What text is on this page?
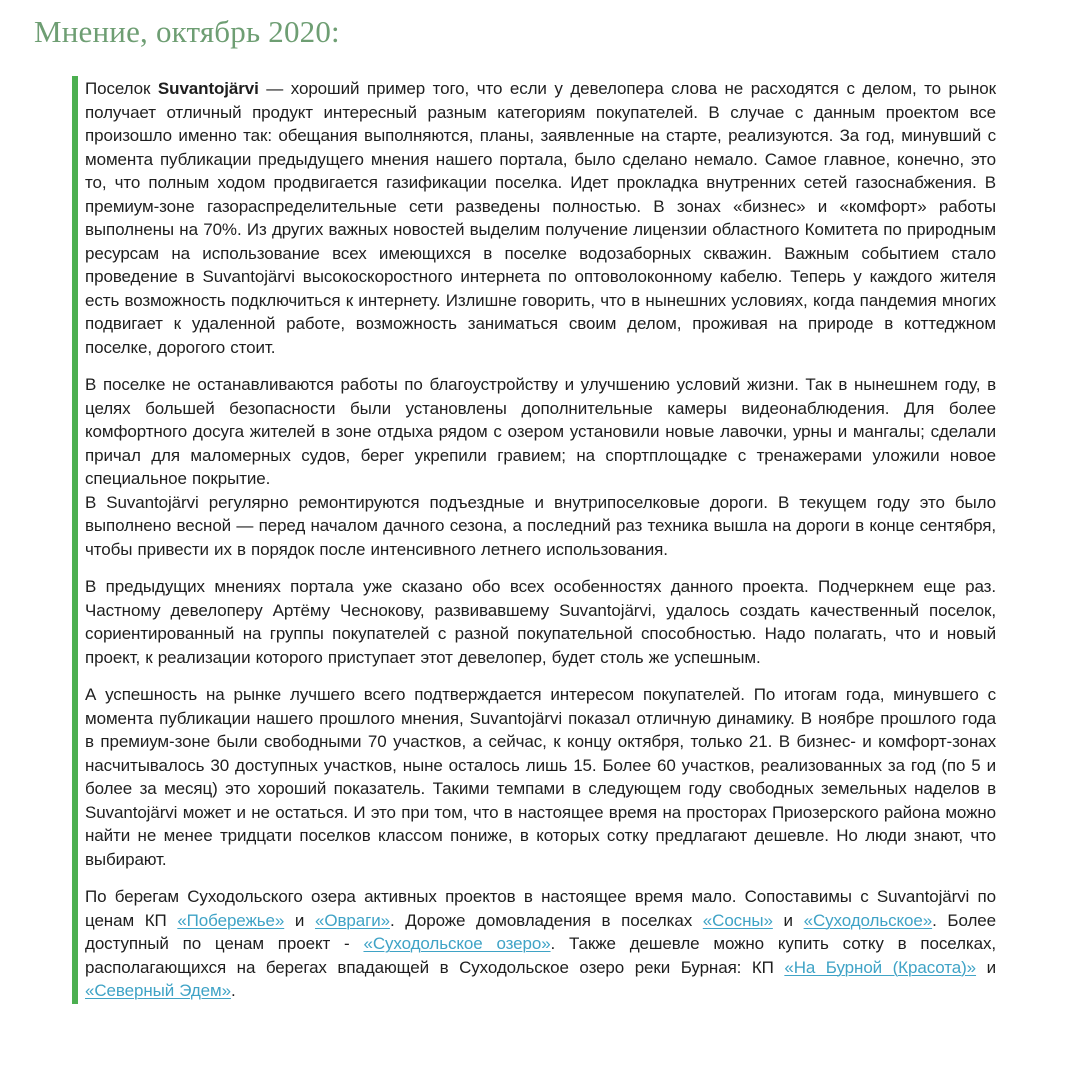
Мнение, октябрь 2020:

Поселок Suvantojärvi — хороший пример того, что если у девелопера слова не расходятся с делом, то рынок получает отличный продукт интересный разным категориям покупателей. В случае с данным проектом все произошло именно так: обещания выполняются, планы, заявленные на старте, реализуются. За год, минувший с момента публикации предыдущего мнения нашего портала, было сделано немало. Самое главное, конечно, это то, что полным ходом продвигается газификации поселка. Идет прокладка внутренних сетей газоснабжения. В премиум-зоне газораспределительные сети разведены полностью. В зонах «бизнес» и «комфорт» работы выполнены на 70%. Из других важных новостей выделим получение лицензии областного Комитета по природным ресурсам на использование всех имеющихся в поселке водозаборных скважин. Важным событием стало проведение в Suvantojärvi высокоскоростного интернета по оптоволоконному кабелю. Теперь у каждого жителя есть возможность подключиться к интернету. Излишне говорить, что в нынешних условиях, когда пандемия многих подвигает к удаленной работе, возможность заниматься своим делом, проживая на природе в коттеджном поселке, дорогого стоит.

В поселке не останавливаются работы по благоустройству и улучшению условий жизни. Так в нынешнем году, в целях большей безопасности были установлены дополнительные камеры видеонаблюдения. Для более комфортного досуга жителей в зоне отдыха рядом с озером установили новые лавочки, урны и мангалы; сделали причал для маломерных судов, берег укрепили гравием; на спортплощадке с тренажерами уложили новое специальное покрытие.
В Suvantojärvi регулярно ремонтируются подъездные и внутрипоселковые дороги. В текущем году это было выполнено весной — перед началом дачного сезона, а последний раз техника вышла на дороги в конце сентября, чтобы привести их в порядок после интенсивного летнего использования.

В предыдущих мнениях портала уже сказано обо всех особенностях данного проекта. Подчеркнем еще раз. Частному девелоперу Артёму Чеснокову, развивавшему Suvantojärvi, удалось создать качественный поселок, сориентированный на группы покупателей с разной покупательной способностью. Надо полагать, что и новый проект, к реализации которого приступает этот девелопер, будет столь же успешным.

А успешность на рынке лучшего всего подтверждается интересом покупателей. По итогам года, минувшего с момента публикации нашего прошлого мнения, Suvantojärvi показал отличную динамику. В ноябре прошлого года в премиум-зоне были свободными 70 участков, а сейчас, к концу октября, только 21. В бизнес- и комфорт-зонах насчитывалось 30 доступных участков, ныне осталось лишь 15. Более 60 участков, реализованных за год (по 5 и более за месяц) это хороший показатель. Такими темпами в следующем году свободных земельных наделов в Suvantojärvi может и не остаться. И это при том, что в настоящее время на просторах Приозерского района можно найти не менее тридцати поселков классом пониже, в которых сотку предлагают дешевле. Но люди знают, что выбирают.

По берегам Суходольского озера активных проектов в настоящее время мало. Сопоставимы с Suvantojärvi по ценам КП «Побережье» и «Овраги». Дороже домовладения в поселках «Сосны» и «Суходольское». Более доступный по ценам проект - «Суходольское озеро». Также дешевле можно купить сотку в поселках, располагающихся на берегах впадающей в Суходольское озеро реки Бурная: КП «На Бурной (Красота)» и «Северный Эдем».
